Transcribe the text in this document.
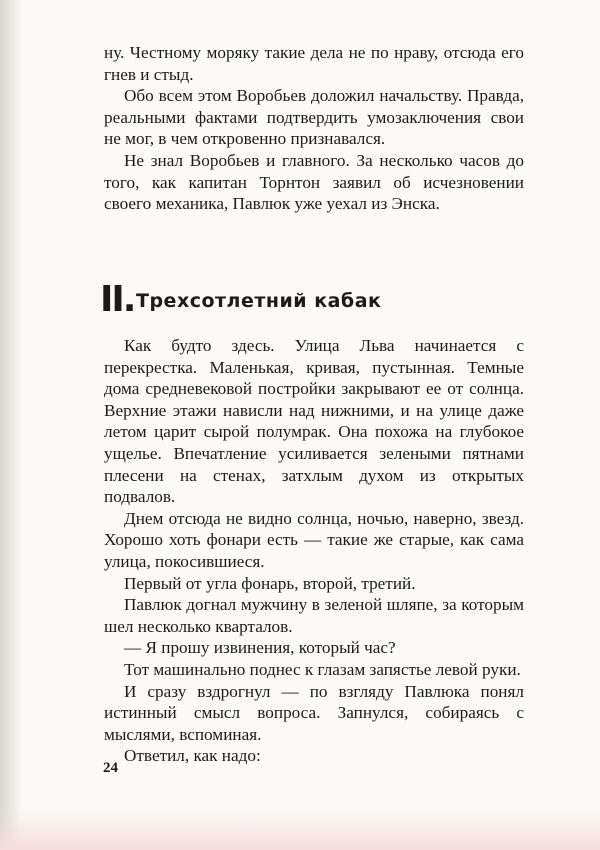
ну. Честному моряку такие дела не по нраву, отсюда его гнев и стыд.

Обо всем этом Воробьев доложил начальству. Правда, реальными фактами подтвердить умозаключения свои не мог, в чем откровенно признавался.

Не знал Воробьев и главного. За несколько часов до того, как капитан Торнтон заявил об исчезновении своего механика, Павлюк уже уехал из Энска.

II. Трехсотлетний кабак

Как будто здесь. Улица Льва начинается с перекрестка. Маленькая, кривая, пустынная. Темные дома средневековой постройки закрывают ее от солнца. Верхние этажи нависли над нижними, и на улице даже летом царит сырой полумрак. Она похожа на глубокое ущелье. Впечатление усиливается зелеными пятнами плесени на стенах, затхлым духом из открытых подвалов.

Днем отсюда не видно солнца, ночью, наверно, звезд. Хорошо хоть фонари есть — такие же старые, как сама улица, покосившиеся.

Первый от угла фонарь, второй, третий.

Павлюк догнал мужчину в зеленой шляпе, за которым шел несколько кварталов.

— Я прошу извинения, который час?

Тот машинально поднес к глазам запястье левой руки.

И сразу вздрогнул — по взгляду Павлюка понял истинный смысл вопроса. Запнулся, собираясь с мыслями, вспоминая.

Ответил, как надо:

24
